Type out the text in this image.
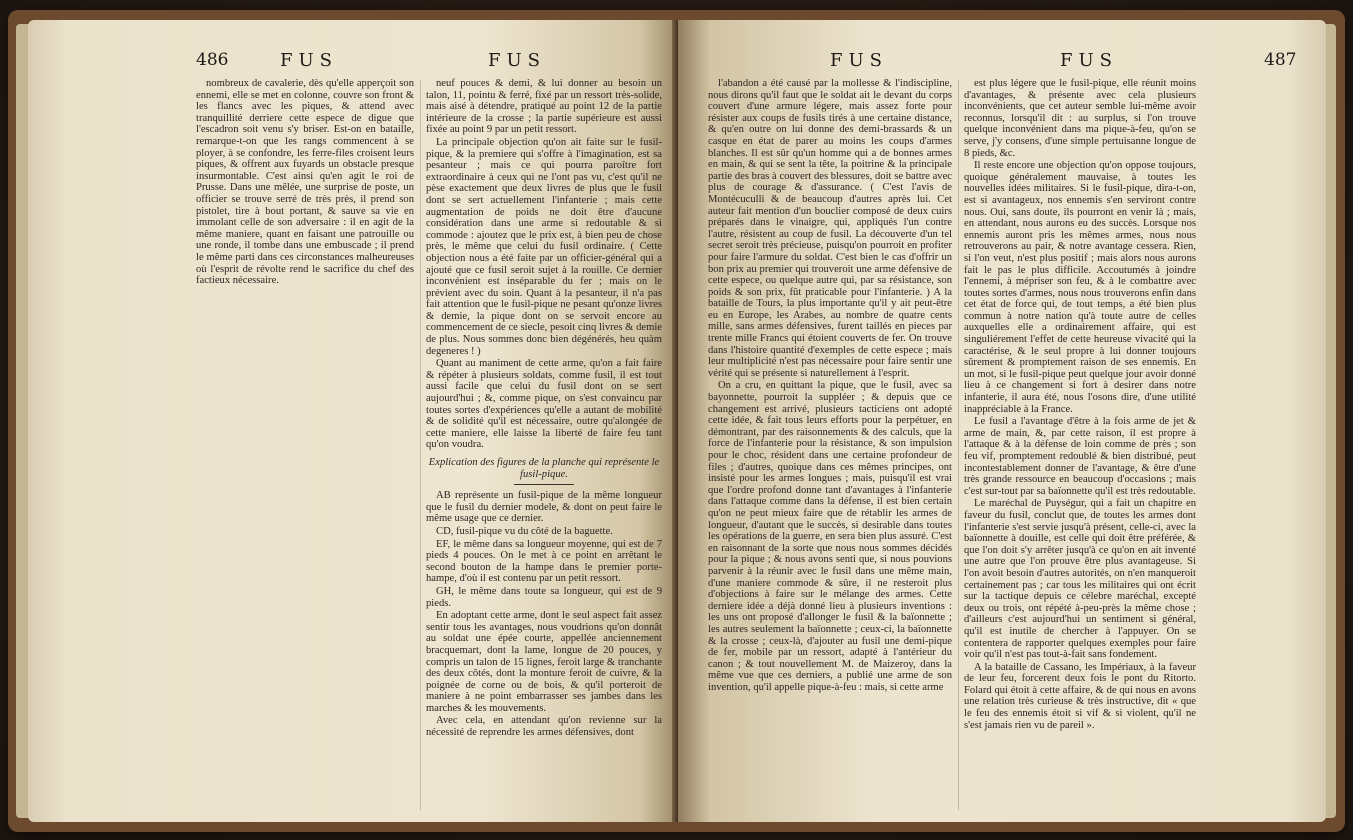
486	FUS	FUS

nombreux de cavalerie, dès qu'elle apperçoit son ennemi, elle se met en colonne, couvre son front & les flancs avec les piques, & attend avec tranquillité derriere cette espece de digue que l'escadron soit venu s'y briser. Est-on en bataille, remarque-t-on que les rangs commencent à se ployer, à se confondre, les ferre-files croisent leurs piques, & offrent aux fuyards un obstacle presque insurmontable. C'est ainsi qu'en agit le roi de Prusse. Dans une mêlée, une surprise de poste, un officier se trouve serré de très près, il prend son pistolet, tire à bout portant, & sauve sa vie en immolant celle de son adversaire : il en agit de la même maniere, quant en faisant une patrouille ou une ronde, il tombe dans une embuscade ; il prend le même parti dans ces circonstances malheureuses où l'esprit de révolte rend le sacrifice du chef des factieux nécessaire.

neuf pouces & demi, & lui donner au besoin un talon, 11, pointu & ferré, fixé par un ressort très-solide, mais aisé à détendre, pratiqué au point 12 de la partie intérieure de la crosse ; la partie supérieure est aussi fixée au point 9 par un petit ressort.

La principale objection qu'on ait faite sur le fusil-pique, & la premiere qui s'offre à l'imagination, est sa pesanteur ; mais ce qui pourra paroître fort extraordinaire à ceux qui ne l'ont pas vu, c'est qu'il ne pèse exactement que deux livres de plus que le fusil dont se sert actuellement l'infanterie ; mais cette augmentation de poids ne doit être d'aucune considération dans une arme si redoutable & si commode : ajoutez que le prix est, à bien peu de chose près, le même que celui du fusil ordinaire. ( Cette objection nous a été faite par un officier-général qui a ajouté que ce fusil seroit sujet à la rouille. Ce dernier inconvénient est inséparable du fer ; mais on le prévient avec du soin. Quant à la pesanteur, il n'a pas fait attention que le fusil-pique ne pesant qu'onze livres & demie, la pique dont on se servoit encore au commencement de ce siecle, pesoit cinq livres & demie de plus. Nous sommes donc bien dégénérés, heu quàm degeneres ! )

Quant au maniment de cette arme, qu'on a fait faire & répéter à plusieurs soldats, comme fusil, il est tout aussi facile que celui du fusil dont on se sert aujourd'hui ; &, comme pique, on s'est convaincu par toutes sortes d'expériences qu'elle a autant de mobilité & de solidité qu'il est nécessaire, outre qu'alongée de cette maniere, elle laisse la liberté de faire feu tant qu'on voudra.

Explication des figures de la planche qui représente le fusil-pique.

AB représente un fusil-pique de la même longueur que le fusil du dernier modele, & dont on peut faire le même usage que ce dernier.

CD, fusil-pique vu du côté de la baguette.

EF, le même dans sa longueur moyenne, qui est de 7 pieds 4 pouces. On le met à ce point en arrêtant le second bouton de la hampe dans le premier porte-hampe, d'où il est contenu par un petit ressort.

GH, le même dans toute sa longueur, qui est de 9 pieds.

En adoptant cette arme, dont le seul aspect fait assez sentir tous les avantages, nous voudrions qu'on donnât au soldat une épée courte, appellée anciennement bracquemart, dont la lame, longue de 20 pouces, y compris un talon de 15 lignes, feroit large & tranchante des deux côtés, dont la monture feroit de cuivre, & la poignée de corne ou de bois, & qu'il porteroit de maniere à ne point embarrasser ses jambes dans les marches & les mouvements.

Avec cela, en attendant qu'on revienne sur la nécessité de reprendre les armes défensives, dont

FUS	FUS	487

l'abandon a été causé par la mollesse & l'indiscipline, nous dirons qu'il faut que le soldat ait le devant du corps couvert d'une armure légere, mais assez forte pour résister aux coups de fusils tirés à une certaine distance, & qu'en outre on lui donne des demi-brassards & un casque en état de parer au moins les coups d'armes blanches. Il est sûr qu'un homme qui a de bonnes armes en main, & qui se sent la tête, la poitrine & la principale partie des bras à couvert des blessures, doit se battre avec plus de courage & d'assurance. ( C'est l'avis de Montécuculli & de beaucoup d'autres après lui. Cet auteur fait mention d'un bouclier composé de deux cuirs préparés dans le vinaigre, qui, appliqués l'un contre l'autre, résistent au coup de fusil. La découverte d'un tel secret seroit très précieuse, puisqu'on pourroit en profiter pour faire l'armure du soldat. C'est bien le cas d'offrir un bon prix au premier qui trouveroit une arme défensive de cette espece, ou quelque autre qui, par sa résistance, son poids & son prix, fût praticable pour l'infanterie. ) A la bataille de Tours, la plus importante qu'il y ait peut-être eu en Europe, les Arabes, au nombre de quatre cents mille, sans armes défensives, furent taillés en pieces par trente mille Francs qui étoient couverts de fer. On trouve dans l'histoire quantité d'exemples de cette espece ; mais leur multiplicité n'est pas nécessaire pour faire sentir une vérité qui se présente si naturellement à l'esprit.

On a cru, en quittant la pique, que le fusil, avec sa bayonnette, pourroit la suppléer ; & depuis que ce changement est arrivé, plusieurs tacticiens ont adopté cette idée, & fait tous leurs efforts pour la perpétuer, en démontrant, par des raisonnements & des calculs, que la force de l'infanterie pour la résistance, & son impulsion pour le choc, résident dans une certaine profondeur de files ; d'autres, quoique dans ces mêmes principes, ont insisté pour les armes longues ; mais, puisqu'il est vrai que l'ordre profond donne tant d'avantages à l'infanterie dans l'attaque comme dans la défense, il est bien certain qu'on ne peut mieux faire que de rétablir les armes de longueur, d'autant que le succès, si desirable dans toutes les opérations de la guerre, en sera bien plus assuré. C'est en raisonnant de la sorte que nous nous sommes décidés pour la pique ; & nous avons senti que, si nous pouvions parvenir à la réunir avec le fusil dans une même main, d'une maniere commode & sûre, il ne resteroit plus d'objections à faire sur le mélange des armes. Cette derniere idée a déjà donné lieu à plusieurs inventions : les uns ont proposé d'allonger le fusil & la baïonnette ; les autres seulement la baïonnette ; ceux-ci, la baïonnette & la crosse ; ceux-là, d'ajouter au fusil une demi-pique de fer, mobile par un ressort, adapté à l'antérieur du canon ; & tout nouvellement M. de Maizeroy, dans la même vue que ces derniers, a publié une arme de son invention, qu'il appelle pique-à-feu : mais, si cette arme

est plus légere que le fusil-pique, elle réunit moins d'avantages, & présente avec cela plusieurs inconvénients, que cet auteur semble lui-même avoir reconnus, lorsqu'il dit : au surplus, si l'on trouve quelque inconvénient dans ma pique-à-feu, qu'on se serve, j'y consens, d'une simple pertuisanne longue de 8 pieds, &c.

Il reste encore une objection qu'on oppose toujours, quoique généralement mauvaise, à toutes les nouvelles idées militaires. Si le fusil-pique, dira-t-on, est si avantageux, nos ennemis s'en serviront contre nous. Oui, sans doute, ils pourront en venir là ; mais, en attendant, nous aurons eu des succès. Lorsque nos ennemis auront pris les mêmes armes, nous nous retrouverons au pair, & notre avantage cessera. Rien, si l'on veut, n'est plus positif ; mais alors nous aurons fait le pas le plus difficile. Accoutumés à joindre l'ennemi, à mépriser son feu, & à le combattre avec toutes sortes d'armes, nous nous trouverons enfin dans cet état de force qui, de tout temps, a été bien plus commun à notre nation qu'à toute autre de celles auxquelles elle a ordinairement affaire, qui est singuliérement l'effet de cette heureuse vivacité qui la caractérise, & le seul propre à lui donner toujours sûrement & promptement raison de ses ennemis. En un mot, si le fusil-pique peut quelque jour avoir donné lieu à ce changement si fort à desirer dans notre infanterie, il aura été, nous l'osons dire, d'une utilité inappréciable à la France.

Le fusil a l'avantage d'être à la fois arme de jet & arme de main, &, par cette raison, il est propre à l'attaque & à la défense de loin comme de près ; son feu vif, promptement redoublé & bien distribué, peut incontestablement donner de l'avantage, & être d'une très grande ressource en beaucoup d'occasions ; mais c'est sur-tout par sa baïonnette qu'il est très redoutable.

Le maréchal de Puységur, qui a fait un chapitre en faveur du fusil, conclut que, de toutes les armes dont l'infanterie s'est servie jusqu'à présent, celle-ci, avec la baïonnette à douille, est celle qui doit être préférée, & que l'on doit s'y arrêter jusqu'à ce qu'on en ait inventé une autre que l'on prouve être plus avantageuse. Si l'on avoit besoin d'autres autorités, on n'en manqueroit certainement pas ; car tous les militaires qui ont écrit sur la tactique depuis ce célebre maréchal, excepté deux ou trois, ont répété à-peu-près la même chose ; d'ailleurs c'est aujourd'hui un sentiment si général, qu'il est inutile de chercher à l'appuyer. On se contentera de rapporter quelques exemples pour faire voir qu'il n'est pas tout-à-fait sans fondement.

A la bataille de Cassano, les Impériaux, à la faveur de leur feu, forcerent deux fois le pont du Ritorto. Folard qui étoit à cette affaire, & de qui nous en avons une relation très curieuse & très instructive, dit « que le feu des ennemis étoit si vif & si violent, qu'il ne s'est jamais rien vu de pareil ».
